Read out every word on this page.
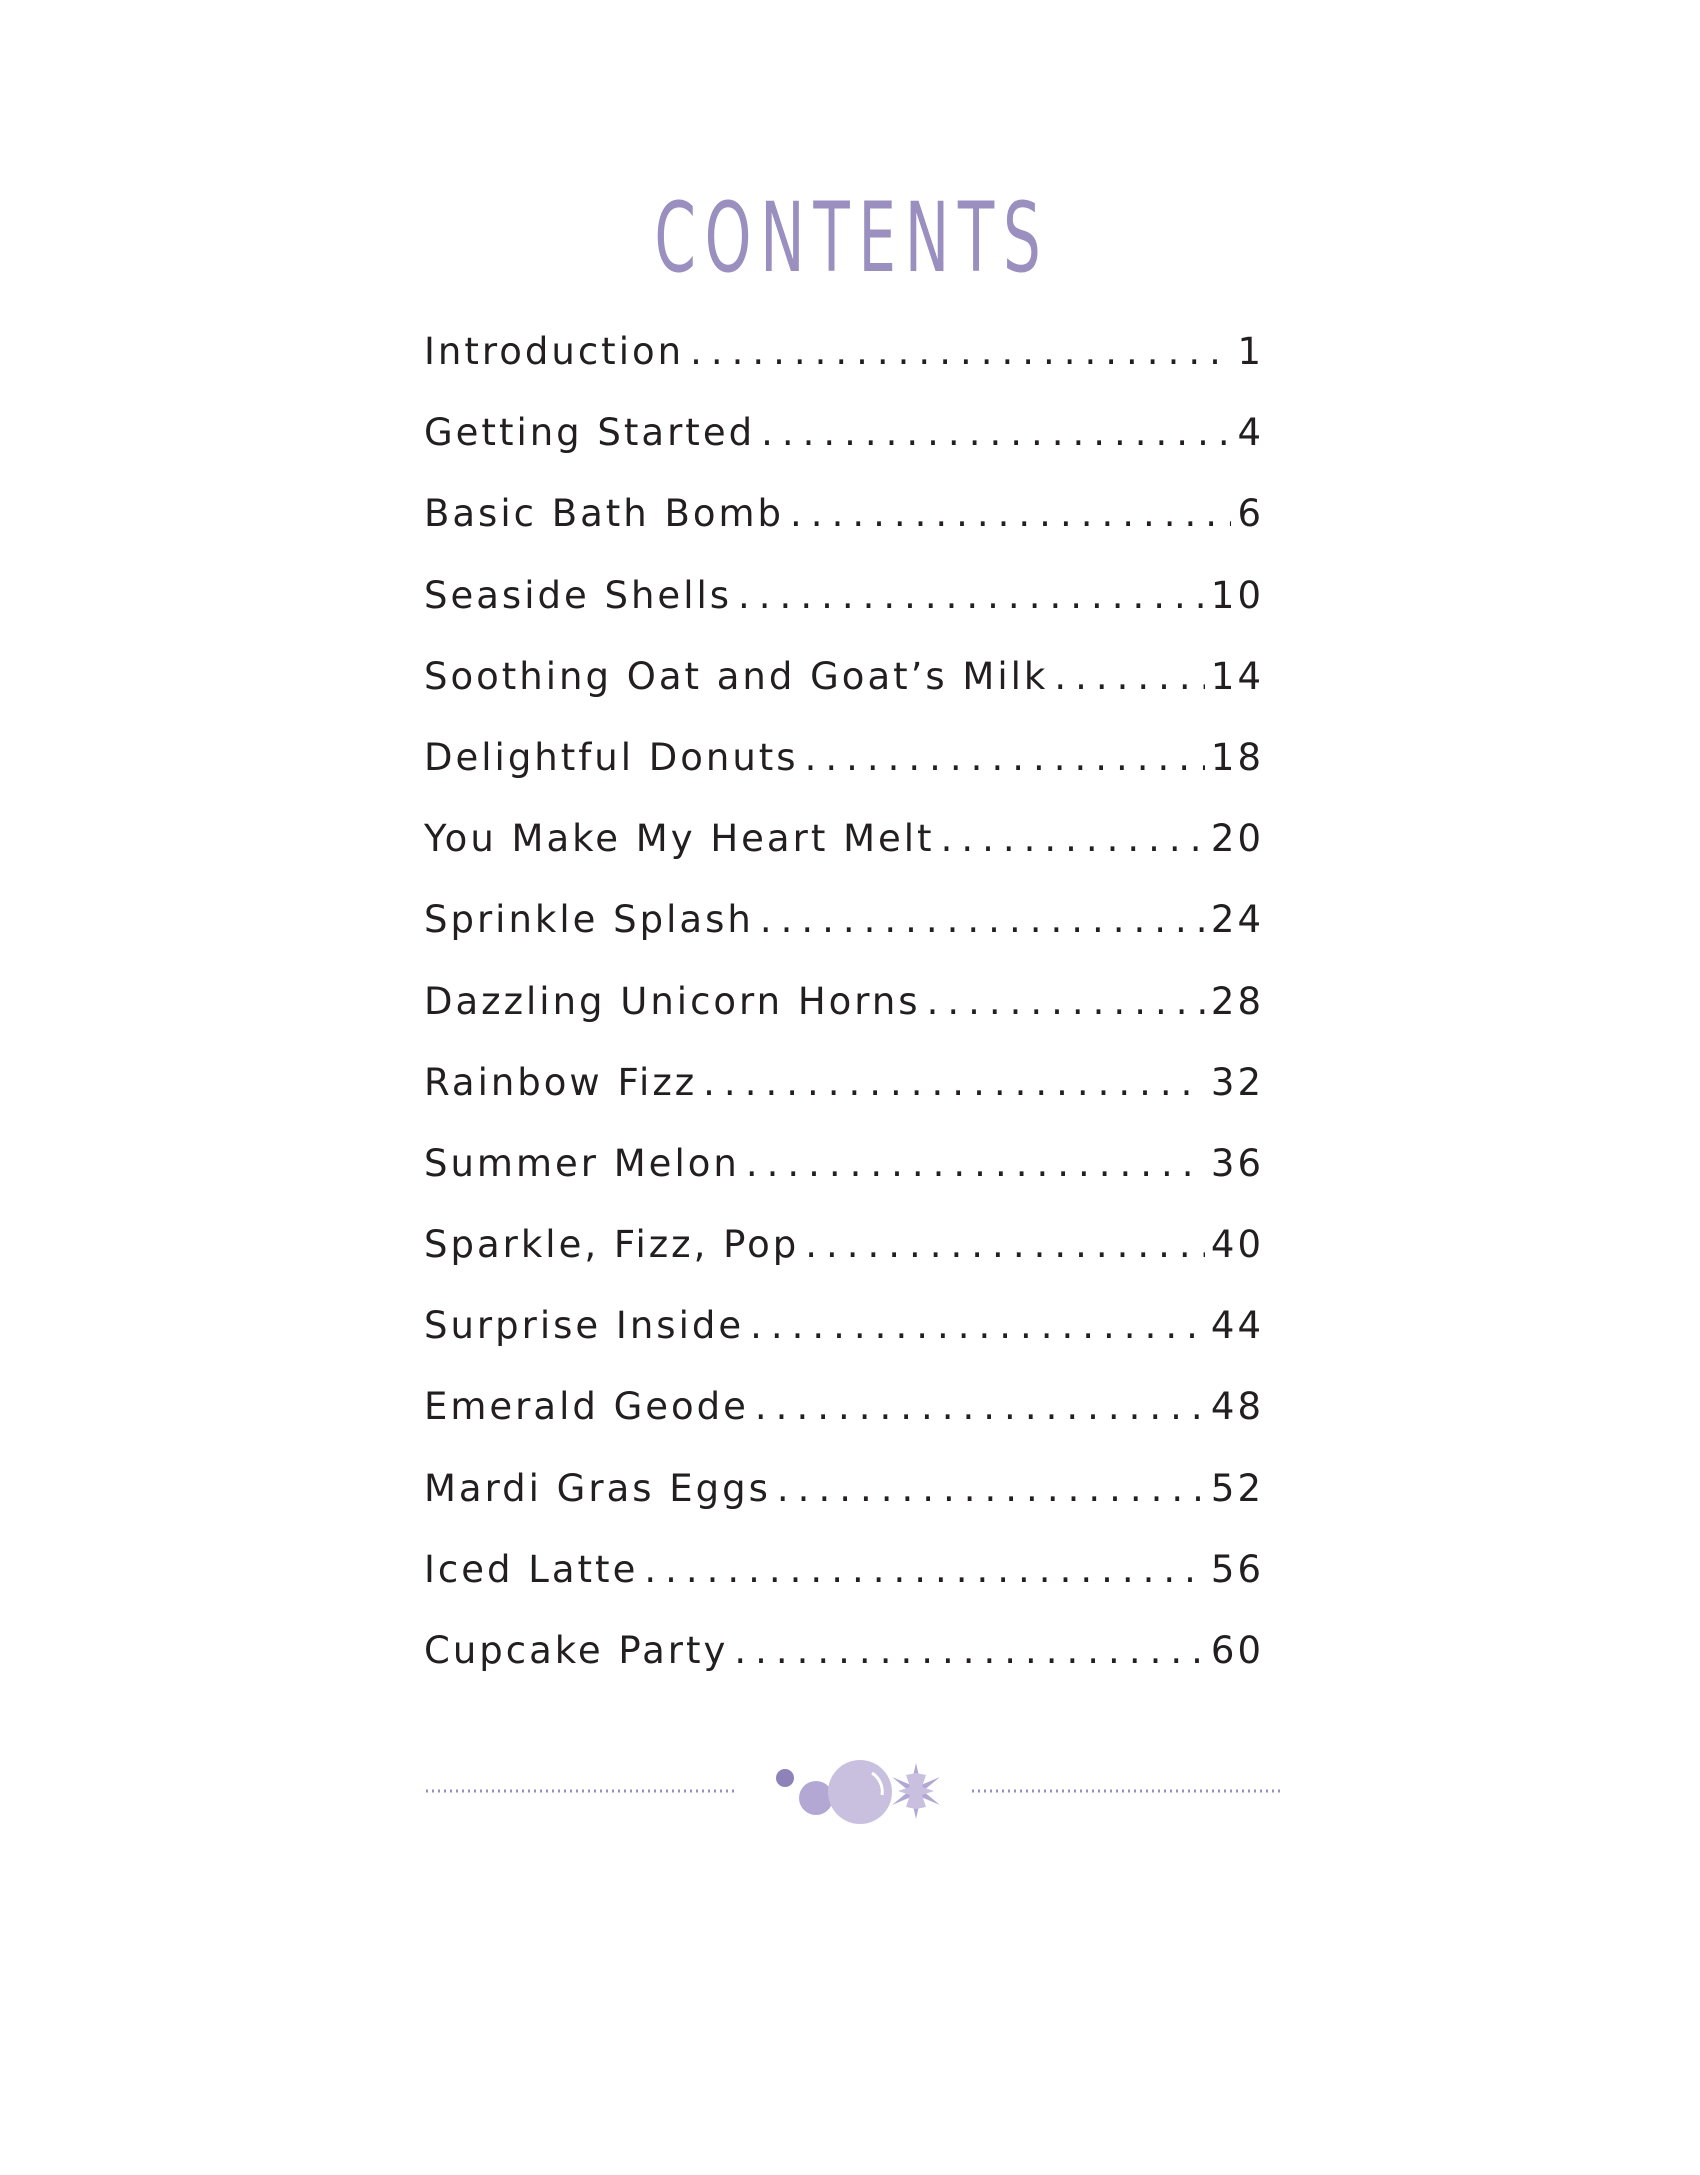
CONTENTS
Introduction .....	1
Getting Started .....	4
Basic Bath Bomb .....	6
Seaside Shells .....	10
Soothing Oat and Goat’s Milk .....	14
Delightful Donuts .....	18
You Make My Heart Melt .....	20
Sprinkle Splash .....	24
Dazzling Unicorn Horns .....	28
Rainbow Fizz .....	32
Summer Melon .....	36
Sparkle, Fizz, Pop .....	40
Surprise Inside .....	44
Emerald Geode .....	48
Mardi Gras Eggs .....	52
Iced Latte .....	56
Cupcake Party .....	60
